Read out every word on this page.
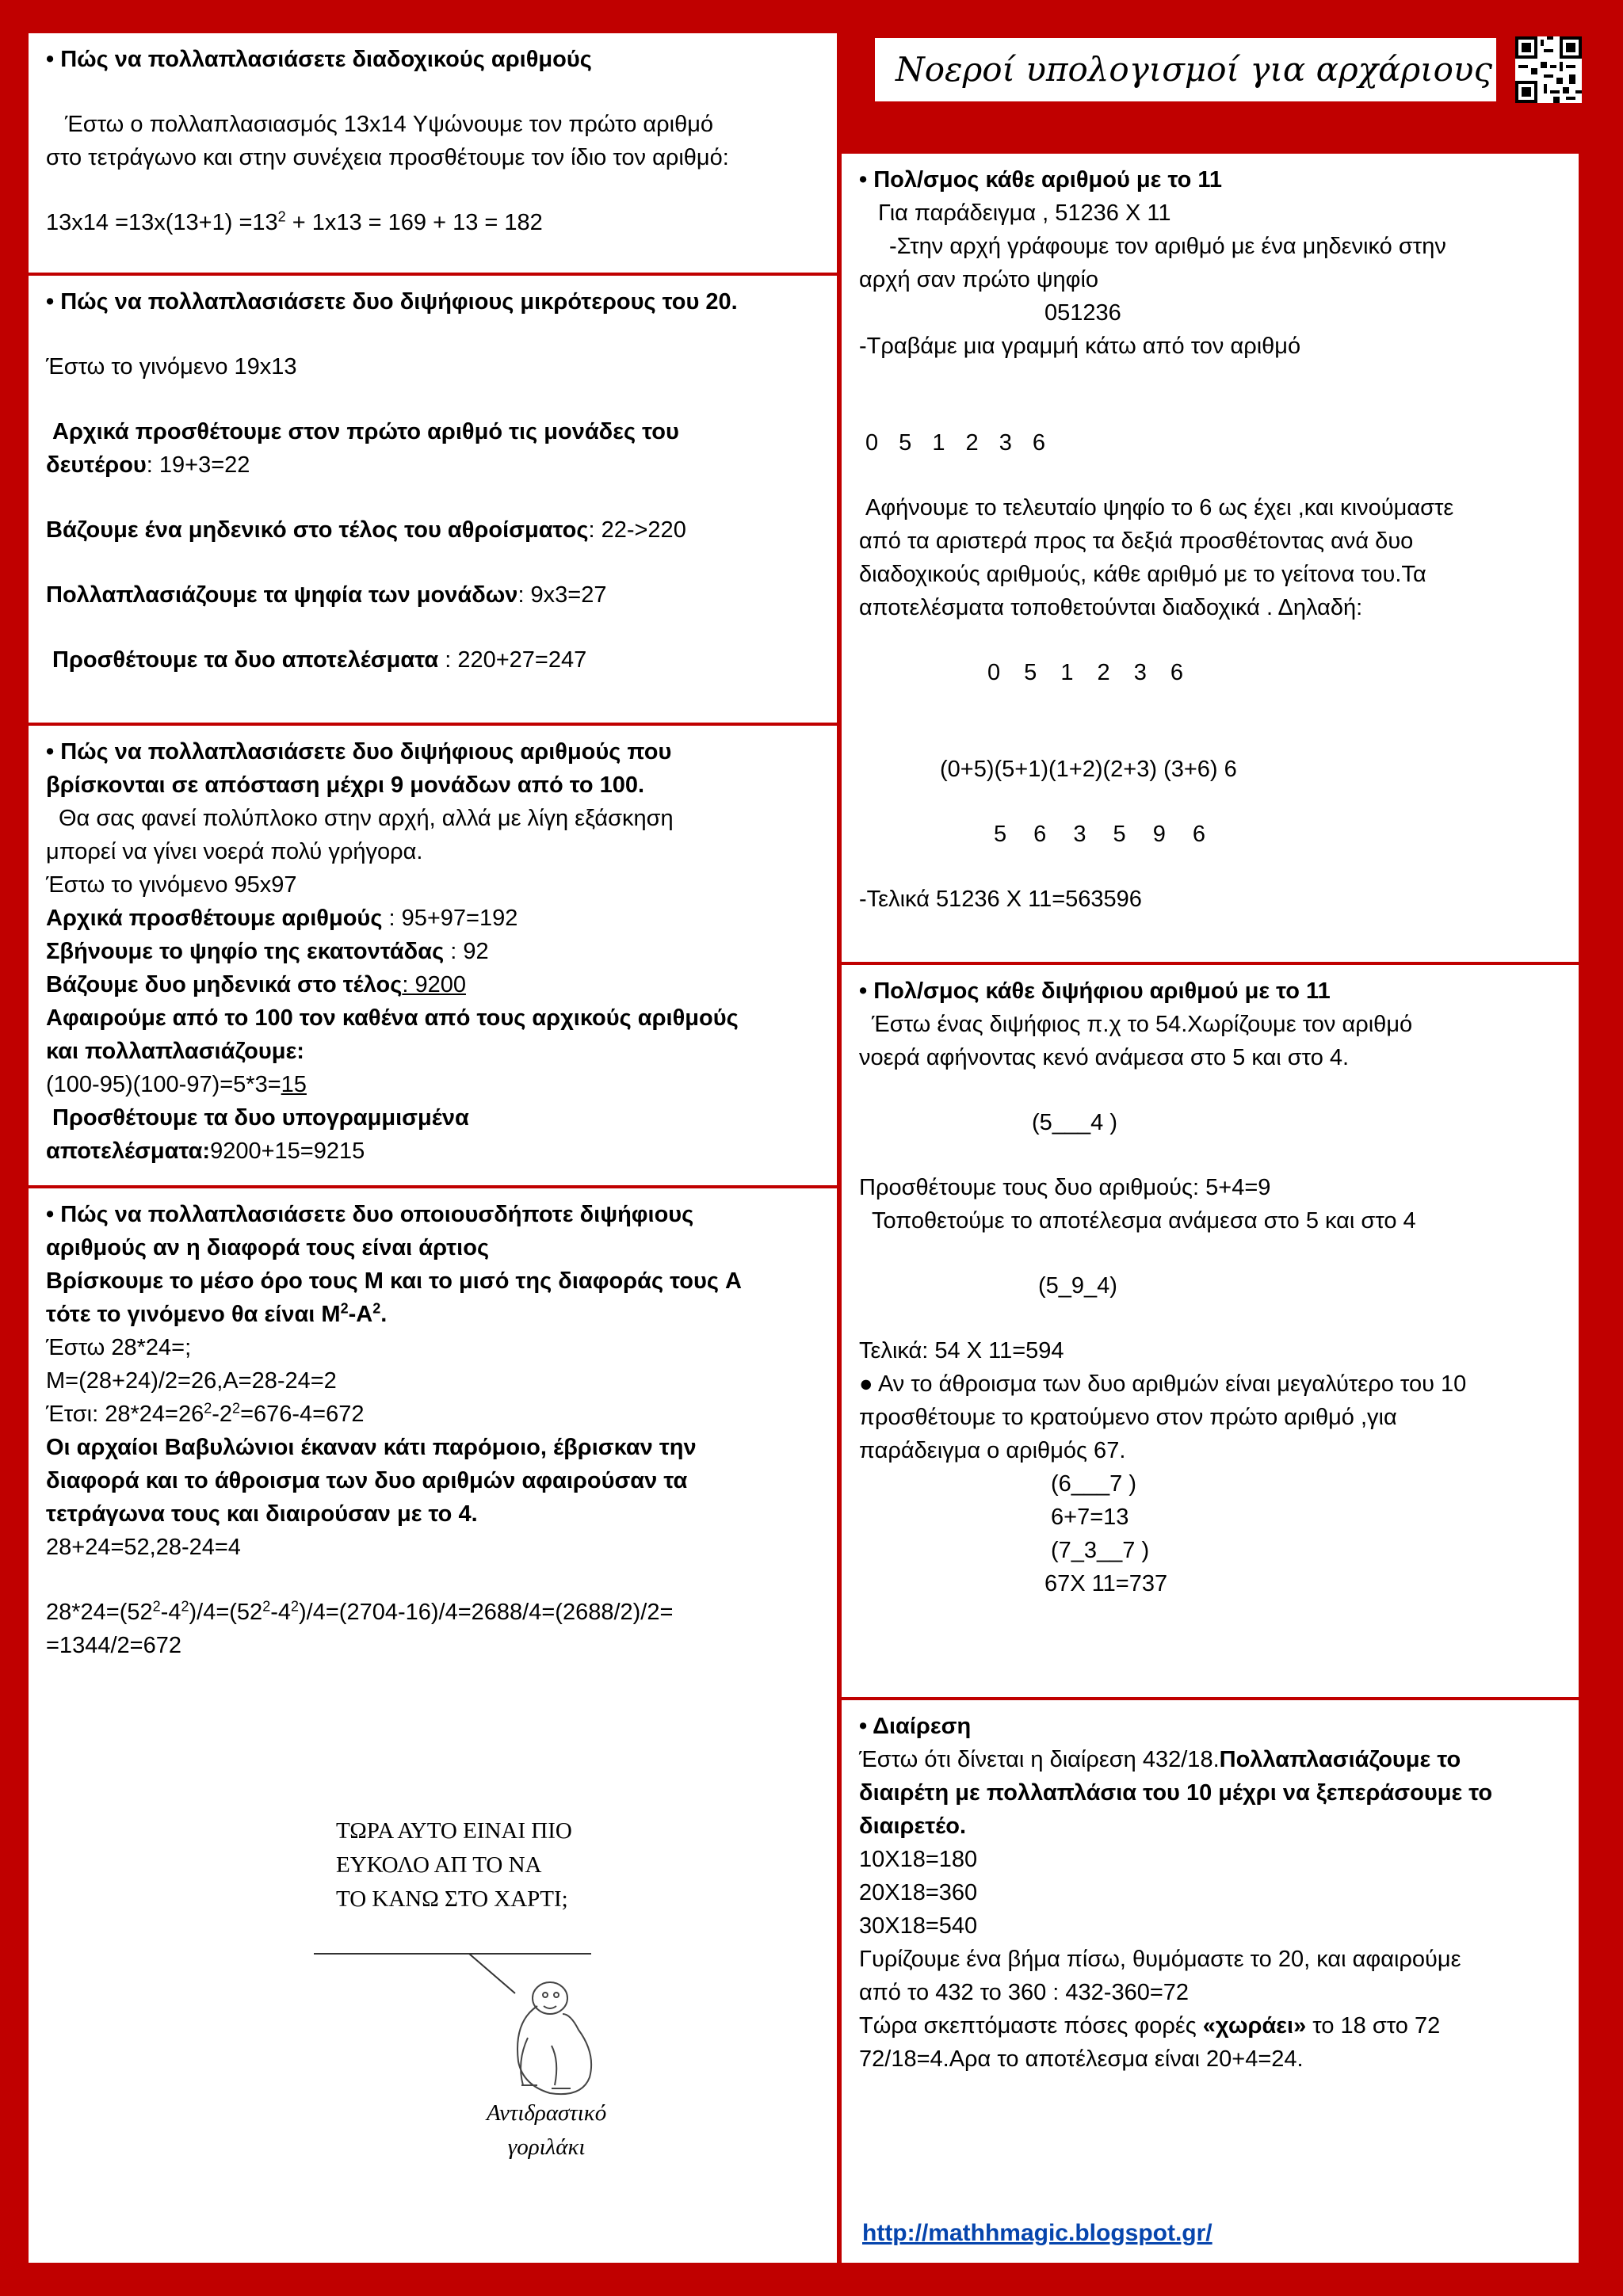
Νοεροί υπολογισμοί για αρχάριους

• Πώς να πολλαπλασιάσετε διαδοχικούς αριθμούς

Έστω ο πολλαπλασιασμός 13x14 Υψώνουμε τον πρώτο αριθμό

στο τετράγωνο και στην συνέχεια προσθέτουμε τον ίδιο τον αριθμό:

$13x14 =13x(13+1) =13^2 + 1x13 = 169 + 13 = 182$

• Πώς να πολλαπλασιάσετε δυο διψήφιους μικρότερους του 20.

Έστω το γινόμενο 19x13

Αρχικά προσθέτουμε στον πρώτο αριθμό τις μονάδες του

δευτέρου: 19+3=22

Βάζουμε ένα μηδενικό στο τέλος του αθροίσματος: 22->220

Πολλαπλασιάζουμε τα ψηφία των μονάδων: 9x3=27

Προσθέτουμε τα δυο αποτελέσματα : 220+27=247

• Πώς να πολλαπλασιάσετε δυο διψήφιους αριθμούς που

βρίσκονται σε απόσταση μέχρι 9 μονάδων από το 100.

Θα σας φανεί πολύπλοκο στην αρχή, αλλά με λίγη εξάσκηση

μπορεί να γίνει νοερά πολύ γρήγορα.

Έστω το γινόμενο 95x97

Αρχικά προσθέτουμε αριθμούς : 95+97=192

Σβήνουμε το ψηφίο της εκατοντάδας : 92

Βάζουμε δυο μηδενικά στο τέλος: 9200

Αφαιρούμε από το 100 τον καθένα από τους αρχικούς αριθμούς

και πολλαπλασιάζουμε:

(100-95)(100-97)=5*3=15

Προσθέτουμε τα δυο υπογραμμισμένα

αποτελέσματα:9200+15=9215

• Πώς να πολλαπλασιάσετε δυο οποιουσδήποτε διψήφιους

αριθμούς αν η διαφορά τους είναι άρτιος

Βρίσκουμε το μέσο όρο τους M και το μισό της διαφοράς τους A

τότε το γινόμενο θα είναι $M^2-A^2$.

Έστω 28*24=;

M=(28+24)/2=26,A=28-24=2

Έτσι: $28*24=26^2-2^2=676-4=672$

Οι αρχαίοι Βαβυλώνιοι έκαναν κάτι παρόμοιο, έβρισκαν την

διαφορά και το άθροισμα των δυο αριθμών αφαιρούσαν τα

τετράγωνα τους και διαιρούσαν με το 4.

28+24=52,28-24=4

$28*24=(52^2-4^2)/4=(52^2-4^2)/4=(2704-16)/4=2688/4=(2688/2)/2=$

=1344/2=672

ΤΩΡΑ ΑΥΤΟ ΕΙΝΑΙ ΠΙΟ

ΕΥΚΟΛΟ ΑΠ ΤΟ ΝΑ

ΤΟ ΚΑΝΩ ΣΤΟ ΧΑΡΤΙ;

Αντιδραστικό

γοριλάκι

• Πολ/σμος κάθε αριθμού με το 11

Για παράδειγμα , 51236 X 11

-Στην αρχή γράφουμε τον αριθμό με ένα μηδενικό στην

αρχή σαν πρώτο ψηφίο

051236

-Τραβάμε μια γραμμή κάτω από τον αριθμό

0 5 1 2 3 6

Αφήνουμε το τελευταίο ψηφίο το 6 ως έχει ,και κινούμαστε

από τα αριστερά προς τα δεξιά προσθέτοντας ανά δυο

διαδοχικούς αριθμούς, κάθε αριθμό με το γείτονα του.Τα

αποτελέσματα τοποθετούνται διαδοχικά . Δηλαδή:

0 5 1 2 3 6

(0+5)(5+1)(1+2)(2+3) (3+6) 6

5 6 3 5 9 6

-Τελικά 51236 X 11=563596

• Πολ/σμος κάθε διψήφιου αριθμού με το 11

Έστω ένας διψήφιος π.χ το 54.Χωρίζουμε τον αριθμό

νοερά αφήνοντας κενό ανάμεσα στο 5 και στο 4.

(5___4 )

Προσθέτουμε τους δυο αριθμούς: 5+4=9

Τοποθετούμε το αποτέλεσμα ανάμεσα στο 5 και στο 4

(5_9_4)

Τελικά: 54 X 11=594

● Αν το άθροισμα των δυο αριθμών είναι μεγαλύτερο του 10

προσθέτουμε το κρατούμενο στον πρώτο αριθμό ,για

παράδειγμα ο αριθμός 67.

(6___7 )

6+7=13

(7_3__7 )

67X 11=737

• Διαίρεση

Έστω ότι δίνεται η διαίρεση 432/18.Πολλαπλασιάζουμε το

διαιρέτη με πολλαπλάσια του 10 μέχρι να ξεπεράσουμε το

διαιρετέο.

10X18=180

20X18=360

30X18=540

Γυρίζουμε ένα βήμα πίσω, θυμόμαστε το 20, και αφαιρούμε

από το 432 το 360 : 432-360=72

Τώρα σκεπτόμαστε πόσες φορές «χωράει» το 18 στο 72

72/18=4.Αρα το αποτέλεσμα είναι 20+4=24.

http://mathhmagic.blogspot.gr/
